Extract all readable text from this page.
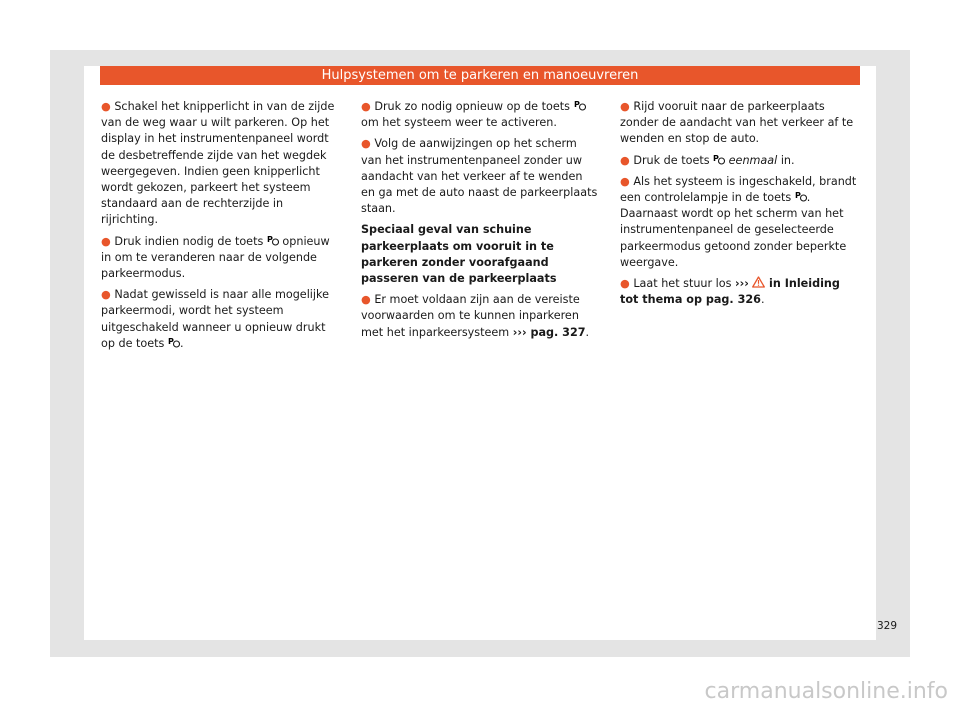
Hulpsystemen om te parkeren en manoeuvreren

● Schakel het knipperlicht in van de zijde van de weg waar u wilt parkeren. Op het display in het instrumentenpaneel wordt de desbetreffende zijde van het wegdek weergegeven. Indien geen knipperlicht wordt gekozen, parkeert het systeem standaard aan de rechterzijde in rijrichting.

● Druk indien nodig de toets P opnieuw in om te veranderen naar de volgende parkeermodus.

● Nadat gewisseld is naar alle mogelijke parkeermodi, wordt het systeem uitgeschakeld wanneer u opnieuw drukt op de toets P .

● Druk zo nodig opnieuw op de toets P
om het systeem weer te activeren.

● Volg de aanwijzingen op het scherm van het instrumentenpaneel zonder uw aandacht van het verkeer af te wenden en ga met de auto naast de parkeerplaats staan.

Speciaal geval van schuine parkeerplaats om vooruit in te parkeren zonder voorafgaand passeren van de parkeerplaats

● Er moet voldaan zijn aan de vereiste voorwaarden om te kunnen inparkeren met het inparkeersysteem ››› pag. 327.

● Rijd vooruit naar de parkeerplaats zonder de aandacht van het verkeer af te wenden en stop de auto.

● Druk de toets P eenmaal in.

● Als het systeem is ingeschakeld, brandt een controlelampje in de toets P . Daarnaast wordt op het scherm van het instrumentenpaneel de geselecteerde parkeermodus getoond zonder beperkte weergave.

● Laat het stuur los ››› in Inleiding tot thema op pag. 326.

329
carmanualsonline.info
